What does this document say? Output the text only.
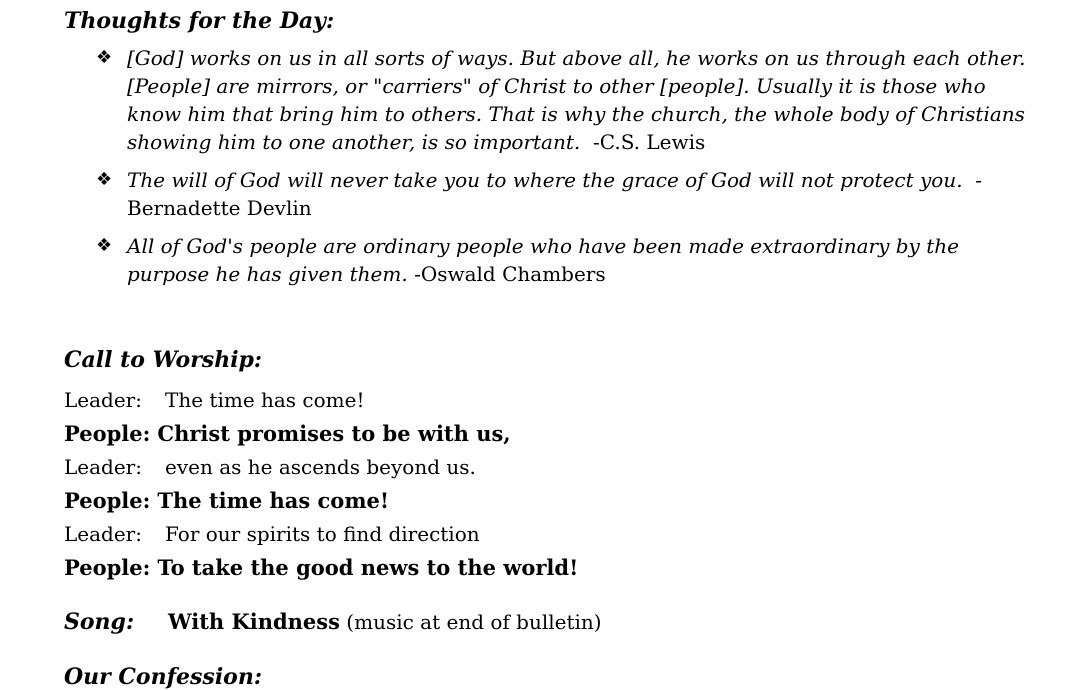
Thoughts for the Day:
❖ [God] works on us in all sorts of ways. But above all, he works on us through each other. [People] are mirrors, or "carriers" of Christ to other [people]. Usually it is those who know him that bring him to others. That is why the church, the whole body of Christians showing him to one another, is so important. -C.S. Lewis
❖ The will of God will never take you to where the grace of God will not protect you. -Bernadette Devlin
❖ All of God's people are ordinary people who have been made extraordinary by the purpose he has given them. -Oswald Chambers
Call to Worship:
Leader: The time has come!
People: Christ promises to be with us,
Leader: even as he ascends beyond us.
People: The time has come!
Leader: For our spirits to find direction
People: To take the good news to the world!
Song: With Kindness (music at end of bulletin)
Our Confession:
